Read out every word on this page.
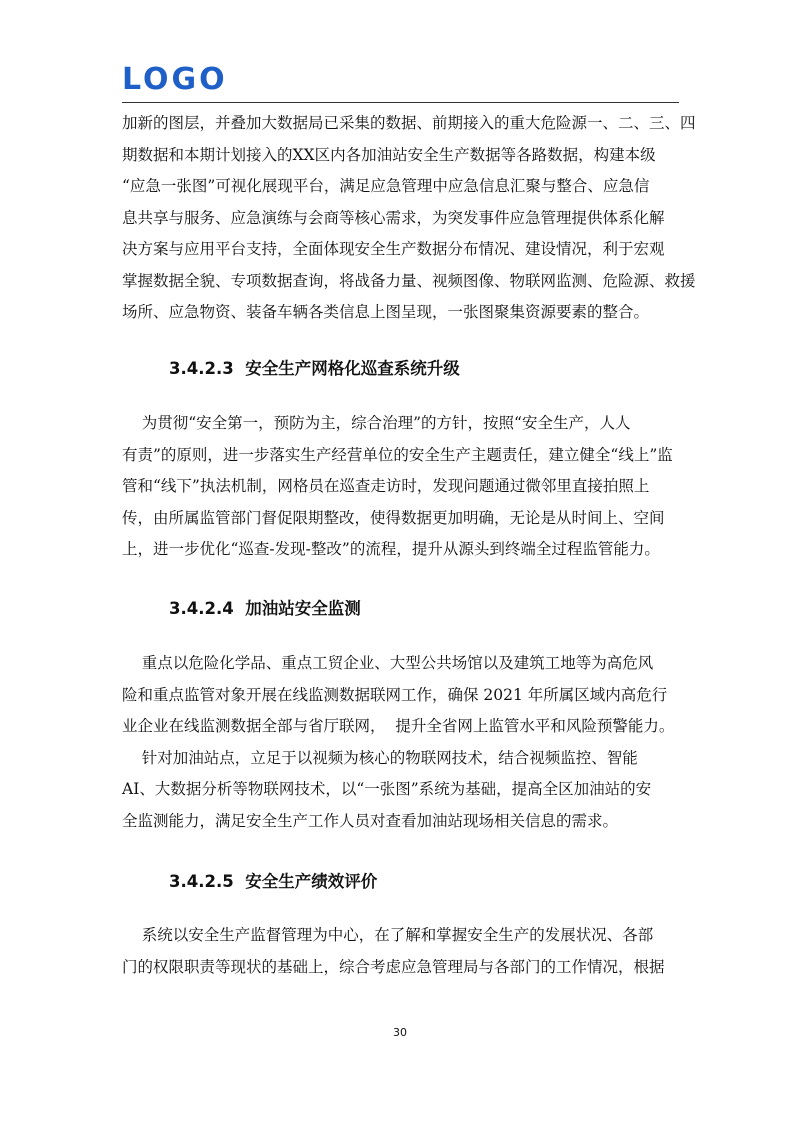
LOGO

加新的图层，并叠加大数据局已采集的数据、前期接入的重大危险源一、二、三、四
期数据和本期计划接入的XX区内各加油站安全生产数据等各路数据，构建本级
“应急一张图”可视化展现平台，满足应急管理中应急信息汇聚与整合、应急信
息共享与服务、应急演练与会商等核心需求，为突发事件应急管理提供体系化解
决方案与应用平台支持，全面体现安全生产数据分布情况、建设情况，利于宏观
掌握数据全貌、专项数据查询，将战备力量、视频图像、物联网监测、危险源、救援
场所、应急物资、装备车辆各类信息上图呈现，一张图聚集资源要素的整合。

3.4.2.3  安全生产网格化巡查系统升级

为贯彻“安全第一，预防为主，综合治理”的方针，按照“安全生产，人人
有责”的原则，进一步落实生产经营单位的安全生产主题责任，建立健全“线上”监
管和“线下”执法机制，网格员在巡查走访时，发现问题通过微邻里直接拍照上
传，由所属监管部门督促限期整改，使得数据更加明确，无论是从时间上、空间
上，进一步优化“巡查-发现-整改”的流程，提升从源头到终端全过程监管能力。

3.4.2.4  加油站安全监测

重点以危险化学品、重点工贸企业、大型公共场馆以及建筑工地等为高危风
险和重点监管对象开展在线监测数据联网工作，确保 2021 年所属区域内高危行
业企业在线监测数据全部与省厅联网，  提升全省网上监管水平和风险预警能力。
针对加油站点，立足于以视频为核心的物联网技术，结合视频监控、智能
AI、大数据分析等物联网技术，以“一张图”系统为基础，提高全区加油站的安
全监测能力，满足安全生产工作人员对查看加油站现场相关信息的需求。

3.4.2.5  安全生产绩效评价

系统以安全生产监督管理为中心，在了解和掌握安全生产的发展状况、各部
门的权限职责等现状的基础上，综合考虑应急管理局与各部门的工作情况，根据

30
